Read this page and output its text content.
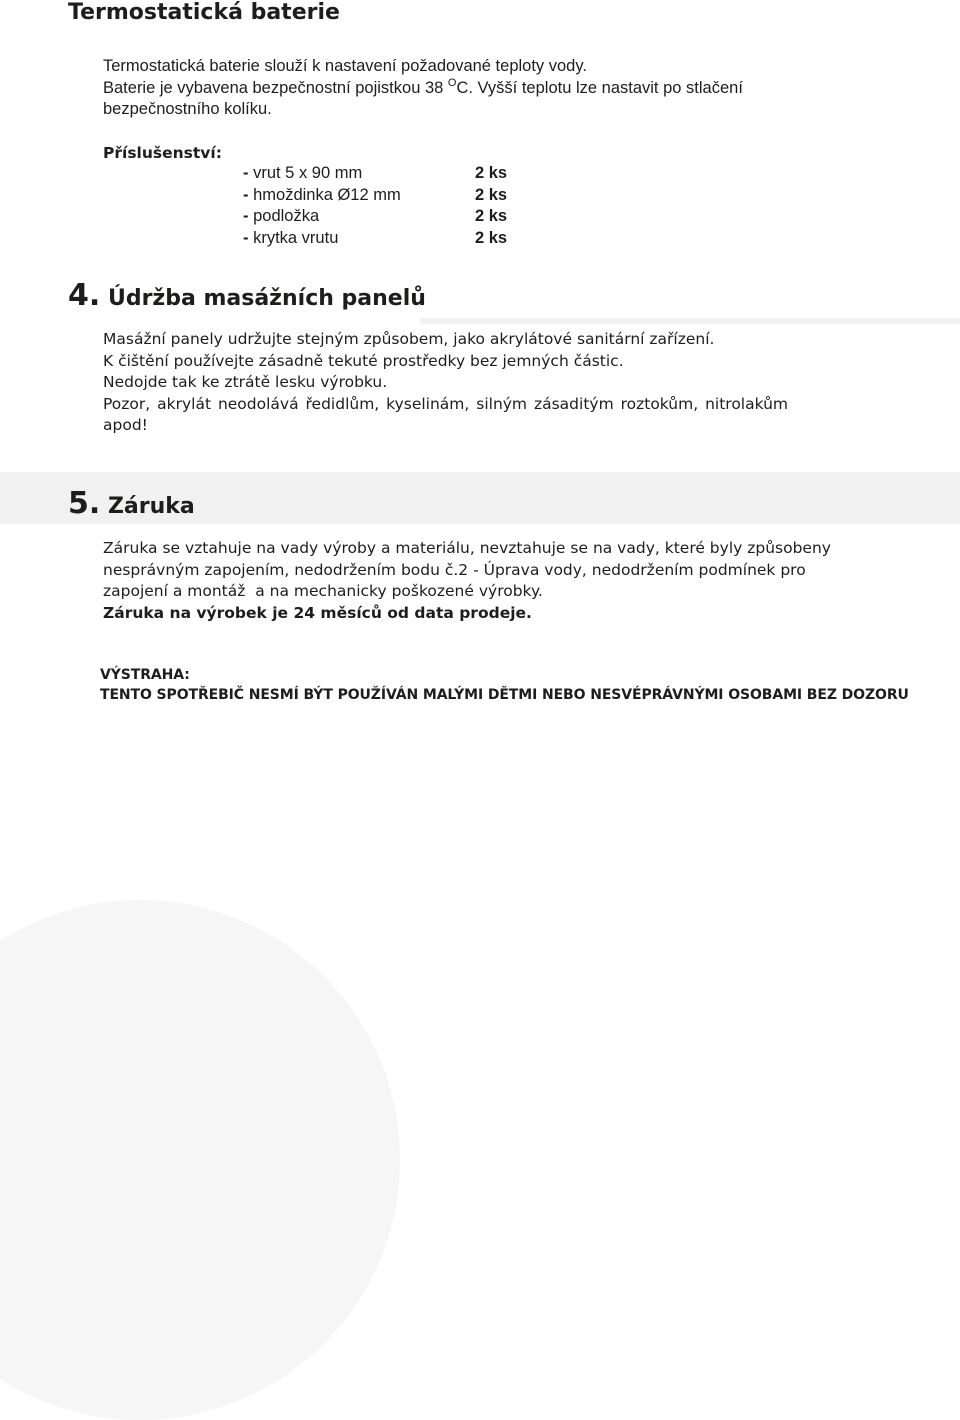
Termostatická baterie
Termostatická baterie slouží k nastavení požadované teploty vody.
Baterie je vybavena bezpečnostní pojistkou 38 $^O$C. Vyšší teplotu lze nastavit po stlačení
bezpečnostního kolíku.
Příslušenství:
- vrut 5 x 90 mm	2 ks
- hmoždinka Ø12 mm	2 ks
- podložka	2 ks
- krytka vrutu	2 ks
4. Údržba masážních panelů
Masážní panely udržujte stejným způsobem, jako akrylátové sanitární zařízení.
K čištění používejte zásadně tekuté prostředky bez jemných částic.
Nedojde tak ke ztrátě lesku výrobku.
Pozor, akrylát neodolává ředidlům, kyselinám, silným zásaditým roztokům, nitrolakům
apod!
5. Záruka
Záruka se vztahuje na vady výroby a materiálu, nevztahuje se na vady, které byly způsobeny
nesprávným zapojením, nedodržením bodu č.2 - Úprava vody, nedodržením podmínek pro
zapojení a montáž  a na mechanicky poškozené výrobky.
Záruka na výrobek je 24 měsíců od data prodeje.
VÝSTRAHA:
TENTO SPOTŘEBIČ NESMÍ BÝT POUŽÍVÁN MALÝMI DĚTMI NEBO NESVÉPRÁVNÝMI OSOBAMI BEZ DOZORU
